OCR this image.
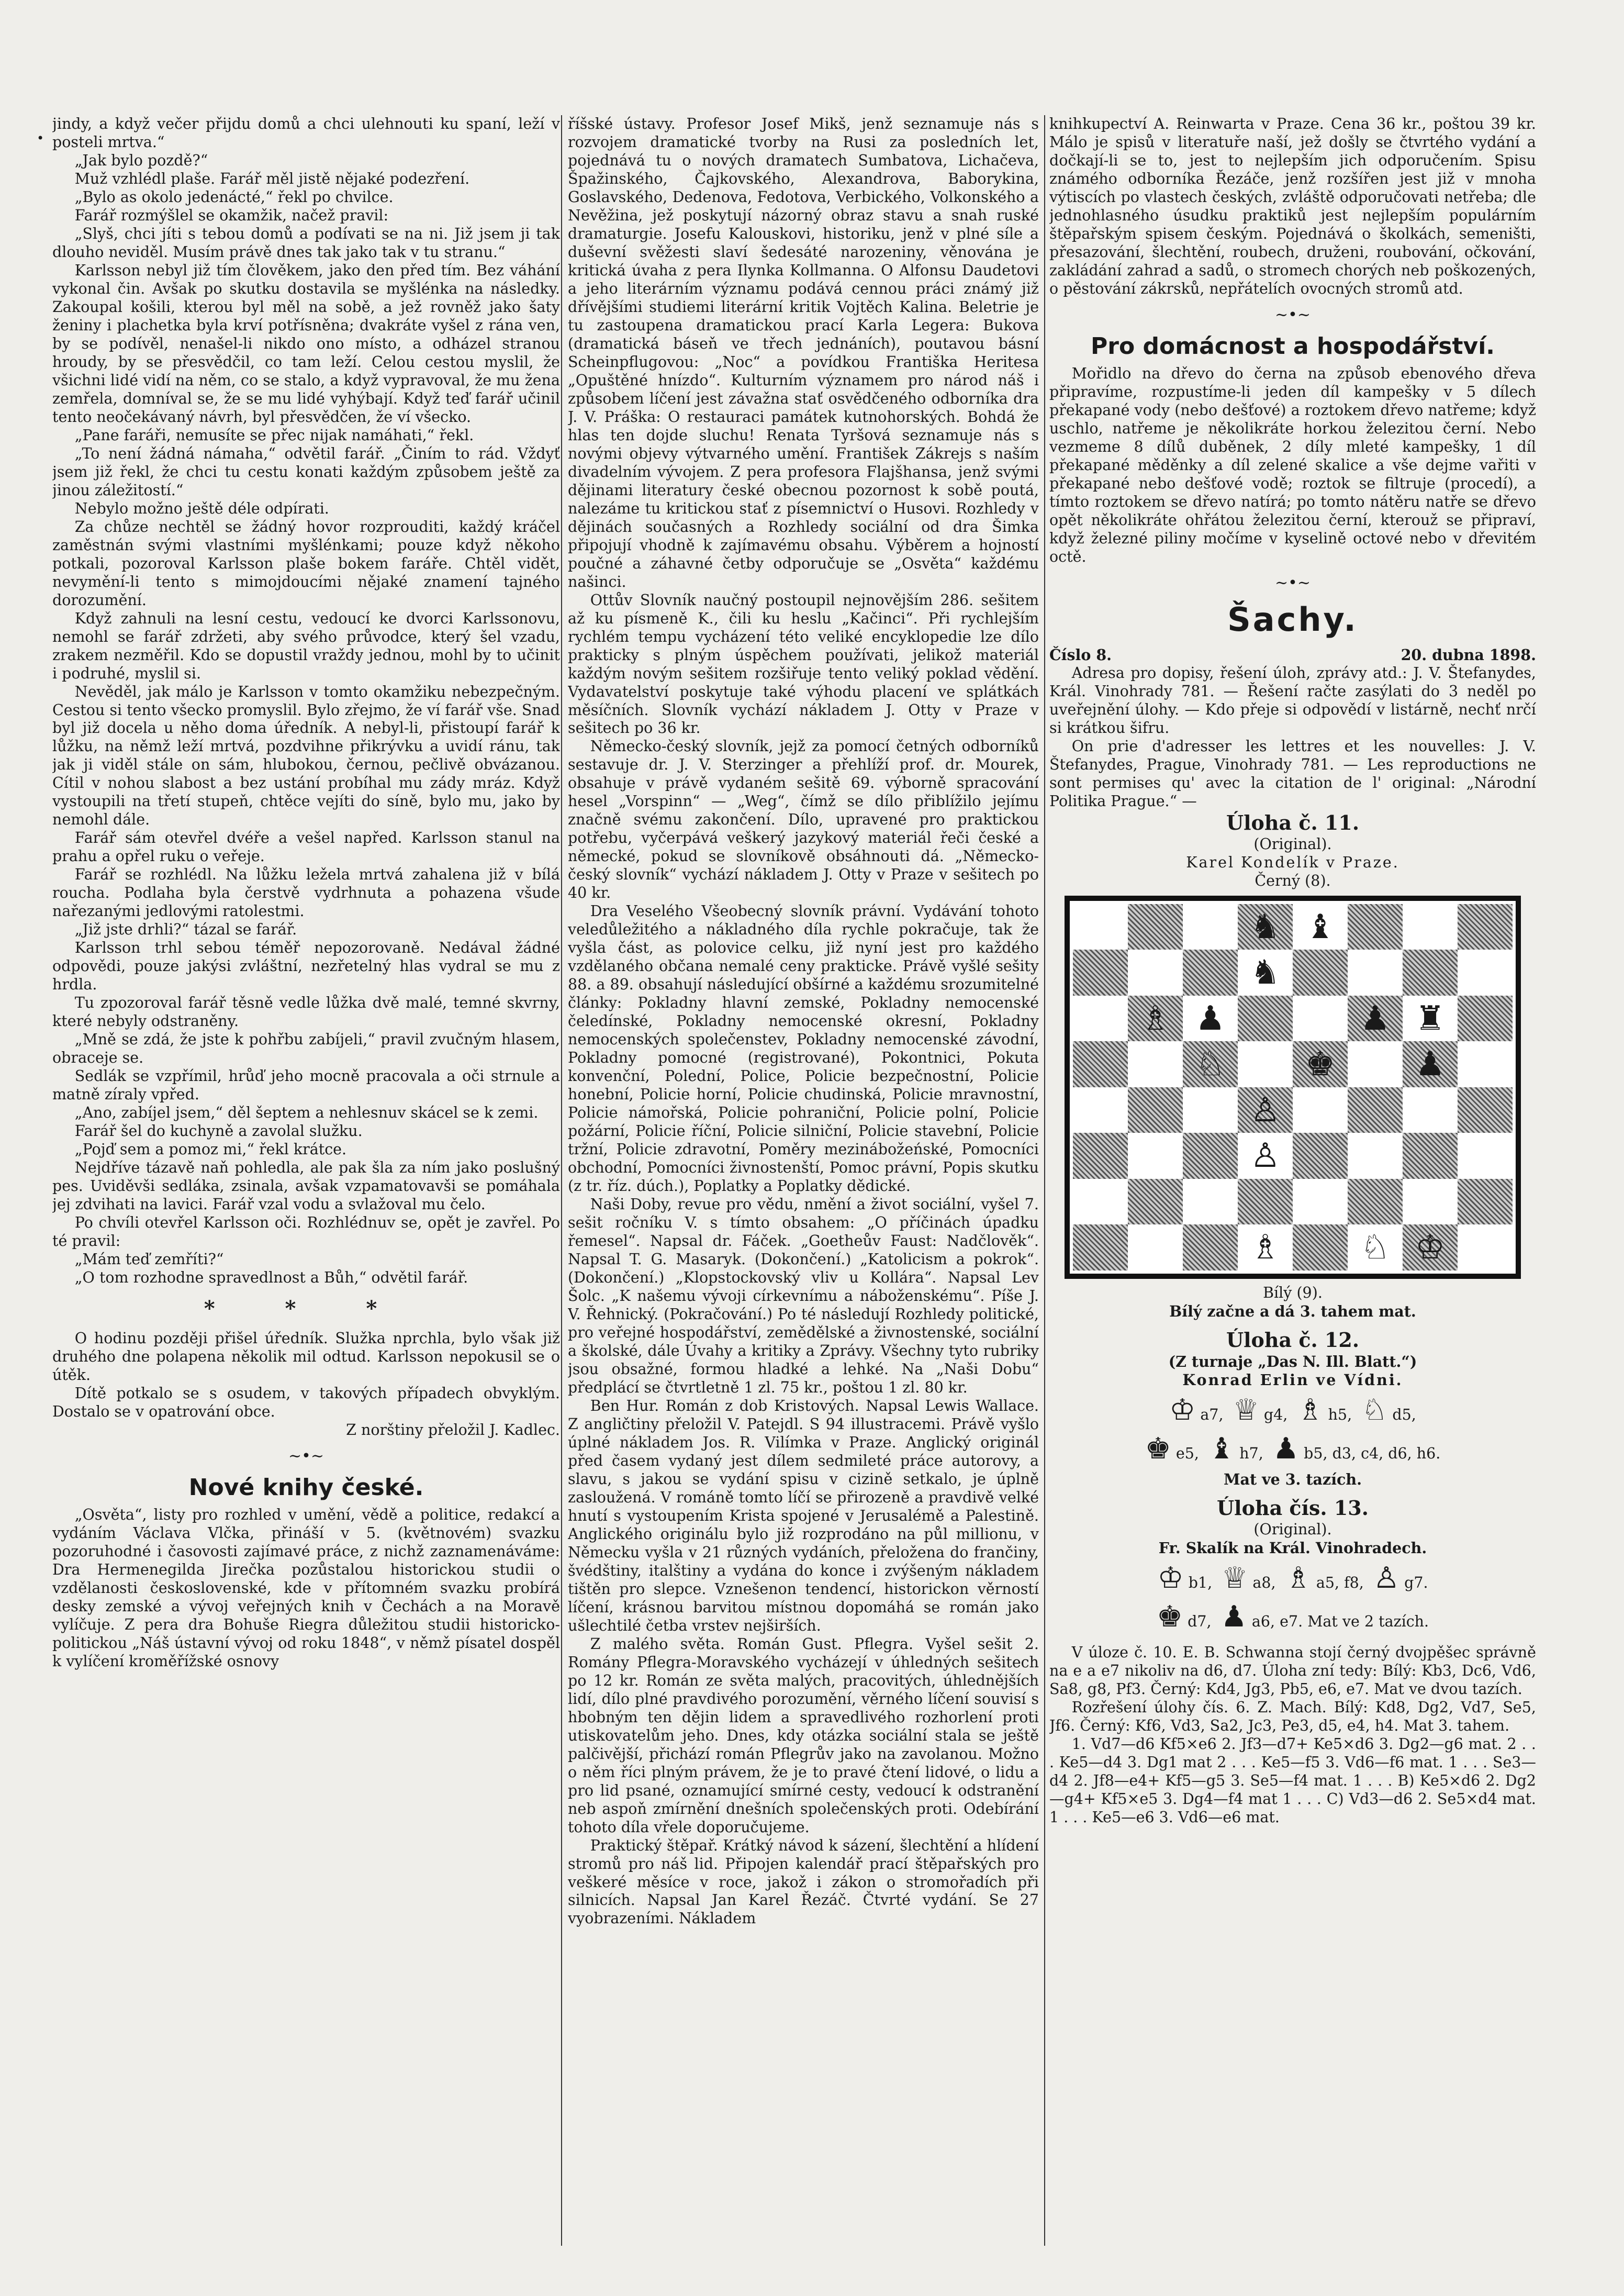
•

jindy, a když večer přijdu domů a chci ulehnouti ku spaní, leží v posteli mrtva.“

„Jak bylo pozdě?“

Muž vzhlédl plaše. Farář měl jistě nějaké podezření.

„Bylo as okolo jedenácté,“ řekl po chvilce.

Farář rozmýšlel se okamžik, načež pravil:

„Slyš, chci jíti s tebou domů a podívati se na ni. Již jsem ji tak dlouho neviděl. Musím právě dnes tak jako tak v tu stranu.“

Karlsson nebyl již tím člověkem, jako den před tím. Bez váhání vykonal čin. Avšak po skutku dostavila se myšlénka na následky. Zakoupal košili, kterou byl měl na sobě, a jež rovněž jako šaty ženiny i plachetka byla krví potřísněna; dvakráte vyšel z rána ven, by se podívěl, nenašel-li nikdo ono místo, a odházel stranou hroudy, by se přesvědčil, co tam leží. Celou cestou myslil, že všichni lidé vidí na něm, co se stalo, a když vypravoval, že mu žena zemřela, domníval se, že se mu lidé vyhýbají. Když teď farář učinil tento neočekávaný návrh, byl přesvědčen, že ví všecko.

„Pane faráři, nemusíte se přec nijak namáhati,“ řekl.

„To není žádná námaha,“ odvětil farář. „Činím to rád. Vždyť jsem již řekl, že chci tu cestu konati každým způsobem ještě za jinou záležitostí.“

Nebylo možno ještě déle odpírati.

Za chůze nechtěl se žádný hovor rozprouditi, každý kráčel zaměstnán svými vlastními myšlénkami; pouze když někoho potkali, pozoroval Karlsson plaše bokem faráře. Chtěl vidět, nevymění-li tento s mimojdoucími nějaké znamení tajného dorozumění.

Když zahnuli na lesní cestu, vedoucí ke dvorci Karlssonovu, nemohl se farář zdržeti, aby svého průvodce, který šel vzadu, zrakem nezměřil. Kdo se dopustil vraždy jednou, mohl by to učinit i podruhé, myslil si.

Nevěděl, jak málo je Karlsson v tomto okamžiku nebezpečným. Cestou si tento všecko promyslil. Bylo zřejmo, že ví farář vše. Snad byl již docela u něho doma úředník. A nebyl-li, přistoupí farář k lůžku, na němž leží mrtvá, pozdvihne přikrývku a uvidí ránu, tak jak ji viděl stále on sám, hlubokou, černou, pečlivě obvázanou. Cítil v nohou slabost a bez ustání probíhal mu zády mráz. Když vystoupili na třetí stupeň, chtěce vejíti do síně, bylo mu, jako by nemohl dále.

Farář sám otevřel dvéře a vešel napřed. Karlsson stanul na prahu a opřel ruku o veřeje.

Farář se rozhlédl. Na lůžku ležela mrtvá zahalena již v bílá roucha. Podlaha byla čerstvě vydrhnuta a pohazena všude nařezanými jedlovými ratolestmi.

„Již jste drhli?“ tázal se farář.

Karlsson trhl sebou téměř nepozorovaně. Nedával žádné odpovědi, pouze jakýsi zvláštní, nezřetelný hlas vydral se mu z hrdla.

Tu zpozoroval farář těsně vedle lůžka dvě malé, temné skvrny, které nebyly odstraněny.

„Mně se zdá, že jste k pohřbu zabíjeli,“ pravil zvučným hlasem, obraceje se.

Sedlák se vzpřímil, hrůď jeho mocně pracovala a oči strnule a matně zíraly vpřed.

„Ano, zabíjel jsem,“ děl šeptem a nehlesnuv skácel se k zemi.

Farář šel do kuchyně a zavolal služku.

„Pojď sem a pomoz mi,“ řekl krátce.

Nejdříve tázavě naň pohledla, ale pak šla za ním jako poslušný pes. Uviděvši sedláka, zsinala, avšak vzpamatovavši se pomáhala jej zdvihati na lavici. Farář vzal vodu a svlažoval mu čelo.

Po chvíli otevřel Karlsson oči. Rozhlédnuv se, opět je zavřel. Po té pravil:

„Mám teď zemříti?“

„O tom rozhodne spravedlnost a Bůh,“ odvětil farář.

* * *

O hodinu později přišel úředník. Služka nprchla, bylo však již druhého dne polapena několik mil odtud. Karlsson nepokusil se o útěk.

Dítě potkalo se s osudem, v takových případech obvyklým. Dostalo se v opatrování obce.

Z norštiny přeložil J. Kadlec.

~•~
Nové knihy české.

„Osvěta“, listy pro rozhled v umění, vědě a politice, redakcí a vydáním Václava Vlčka, přináší v 5. (květnovém) svazku pozoruhodné i časovosti zajímavé práce, z nichž zaznamenáváme: Dra Hermenegilda Jirečka pozůstalou historickou studii o vzdělanosti československé, kde v přítomném svazku probírá desky zemské a vývoj veřejných knih v Čechách a na Moravě vylíčuje. Z pera dra Bohuše Riegra důležitou studii historicko-politickou „Náš ústavní vývoj od roku 1848“, v němž písatel dospěl k vylíčení kroměřížské osnovy

říšské ústavy. Profesor Josef Mikš, jenž seznamuje nás s rozvojem dramatické tvorby na Rusi za posledních let, pojednává tu o nových dramatech Sumbatova, Lichačeva, Špažinského, Čajkovského, Alexandrova, Baborykina, Goslavského, Dedenova, Fedotova, Verbického, Volkonského a Nevěžina, jež poskytují názorný obraz stavu a snah ruské dramaturgie. Josefu Kalouskovi, historiku, jenž v plné síle a duševní svěžesti slaví šedesáté narozeniny, věnována je kritická úvaha z pera Ilynka Kollmanna. O Alfonsu Daudetovi a jeho literárním významu podává cennou práci známý již dřívějšími studiemi literární kritik Vojtěch Kalina. Beletrie je tu zastoupena dramatickou prací Karla Legera: Bukova (dramatická báseň ve třech jednáních), poutavou básní Scheinpflugovou: „Noc“ a povídkou Františka Heritesa „Opuštěné hnízdo“. Kulturním významem pro národ náš i způsobem líčení jest závažna stať osvědčeného odborníka dra J. V. Práška: O restauraci památek kutnohorských. Bohdá že hlas ten dojde sluchu! Renata Tyršová seznamuje nás s novými objevy výtvarného umění. František Zákrejs s naším divadelním vývojem. Z pera profesora Flajšhansa, jenž svými dějinami literatury české obecnou pozornost k sobě poutá, nalezáme tu kritickou stať z písemnictví o Husovi. Rozhledy v dějinách současných a Rozhledy sociální od dra Šimka připojují vhodně k zajímavému obsahu. Výběrem a hojností poučné a záhavné četby odporučuje se „Osvěta“ každému našinci.

Ottův Slovník naučný postoupil nejnovějším 286. sešitem až ku písmeně K., čili ku heslu „Kačinci“. Při rychlejším rychlém tempu vycházení této veliké encyklopedie lze dílo prakticky s plným úspěchem používati, jelikož materiál každým novým sešitem rozšiřuje tento veliký poklad vědění. Vydavatelství poskytuje také výhodu placení ve splátkách měsíčních. Slovník vychází nákladem J. Otty v Praze v sešitech po 36 kr.

Německo-český slovník, jejž za pomocí četných odborníků sestavuje dr. J. V. Sterzinger a přehlíží prof. dr. Mourek, obsahuje v právě vydaném sešitě 69. výborně spracování hesel „Vorspinn“ — „Weg“, čímž se dílo přiblížilo jejímu značně svému zakončení. Dílo, upravené pro praktickou potřebu, vyčerpává veškerý jazykový materiál řeči české a německé, pokud se slovníkově obsáhnouti dá. „Německo-český slovník“ vychází nákladem J. Otty v Praze v sešitech po 40 kr.

Dra Veselého Všeobecný slovník právní. Vydávání tohoto veledůležitého a nákladného díla rychle pokračuje, tak že vyšla část, as polovice celku, již nyní jest pro každého vzdělaného občana nemalé ceny prakticke. Právě vyšlé sešity 88. a 89. obsahují následující obšírné a každému srozumitelné články: Pokladny hlavní zemské, Pokladny nemocenské čeledínské, Pokladny nemocenské okresní, Pokladny nemocenských společenstev, Pokladny nemocenské závodní, Pokladny pomocné (registrované), Pokontnici, Pokuta konvenční, Polední, Police, Policie bezpečnostní, Policie honební, Policie horní, Policie chudinská, Policie mravnostní, Policie námořská, Policie pohraniční, Policie polní, Policie požární, Policie říční, Policie silniční, Policie stavební, Policie tržní, Policie zdravotní, Poměry mezinábožeńské, Pomocníci obchodní, Pomocníci živnostenští, Pomoc právní, Popis skutku (z tr. říz. dúch.), Poplatky a Poplatky dědické.

Naši Doby, revue pro vědu, nmění a život sociální, vyšel 7. sešit ročníku V. s tímto obsahem: „O příčinách úpadku řemesel“. Napsal dr. Fáček. „Goetheův Faust: Nadčlověk“. Napsal T. G. Masaryk. (Dokončení.) „Katolicism a pokrok“. (Dokončení.) „Klopstockovský vliv u Kollára“. Napsal Lev Šolc. „K našemu vývoji církevnímu a náboženskému“. Píše J. V. Řehnický. (Pokračování.) Po té následují Rozhledy politické, pro veřejné hospodářství, zemědělské a živnostenské, sociální a školské, dále Úvahy a kritiky a Zprávy. Všechny tyto rubriky jsou obsažné, formou hladké a lehké. Na „Naši Dobu“ předplácí se čtvrtletně 1 zl. 75 kr., poštou 1 zl. 80 kr.

Ben Hur. Román z dob Kristových. Napsal Lewis Wallace. Z angličtiny přeložil V. Patejdl. S 94 illustracemi. Právě vyšlo úplné nákladem Jos. R. Vilímka v Praze. Anglický originál před časem vydaný jest dílem sedmileté práce autorovy, a slavu, s jakou se vydání spisu v cizině setkalo, je úplně zasloužená. V románě tomto líčí se přirozeně a pravdivě velké hnutí s vystoupením Krista spojené v Jerusalémě a Palestině. Anglického originálu bylo již rozprodáno na půl millionu, v Německu vyšla v 21 různých vydáních, přeložena do frančiny, švédštiny, italštiny a vydána do konce i zvýšeným nákladem tištěn pro slepce. Vznešenon tendencí, historickon věrností líčení, krásnou barvitou místnou dopomáhá se román jako ušlechtilé četba vrstev nejširších.

Z malého světa. Román Gust. Pflegra. Vyšel sešit 2. Romány Pflegra-Moravského vycházejí v úhledných sešitech po 12 kr. Román ze světa malých, pracovitých, úhlednějších lidí, dílo plné pravdivého porozumění, věrného líčení souvisí s hbobným ten dějin lidem a spravedlivého rozhorlení proti utiskovatelům jeho. Dnes, kdy otázka sociální stala se ještě palčivější, přichází román Pflegrův jako na zavolanou. Možno o něm říci plným právem, že je to pravé čtení lidové, o lidu a pro lid psané, oznamující smírné cesty, vedoucí k odstranění neb aspoň zmírnění dnešních společenských proti. Odebírání tohoto díla vřele doporučujeme.

Praktický štěpař. Krátký návod k sázení, šlechtění a hlídení stromů pro náš lid. Připojen kalendář prací štěpařských pro veškeré měsíce v roce, jakož i zákon o stromořadích při silnicích. Napsal Jan Karel Řezáč. Čtvrté vydání. Se 27 vyobrazeními. Nákladem

knihkupectví A. Reinwarta v Praze. Cena 36 kr., poštou 39 kr. Málo je spisů v literatuře naší, jež došly se čtvrtého vydání a dočkají-li se to, jest to nejlepším jich odporučením. Spisu známého odborníka Řezáče, jenž rozšířen jest již v mnoha výtiscích po vlastech českých, zvláště odporučovati netřeba; dle jednohlasného úsudku praktiků jest nejlepším populárním štěpařským spisem českým. Pojednává o školkách, semeništi, přesazování, šlechtění, roubech, druženi, roubování, očkování, zakládání zahrad a sadů, o stromech chorých neb poškozených, o pěstování zákrsků, nepřátelích ovocných stromů atd.

~•~
Pro domácnost a hospodářství.

Mořidlo na dřevo do černa na způsob ebenového dřeva připravíme, rozpustíme-li jeden díl kampešky v 5 dílech překapané vody (nebo dešťové) a roztokem dřevo natřeme; když uschlo, natřeme je několikráte horkou železitou černí. Nebo vezmeme 8 dílů duběnek, 2 díly mleté kampešky, 1 díl překapané měděnky a díl zelené skalice a vše dejme vařiti v překapané nebo dešťové vodě; roztok se filtruje (procedí), a tímto roztokem se dřevo natírá; po tomto nátěru natře se dřevo opět několikráte ohřátou železitou černí, kterouž se připraví, když železné piliny močíme v kyselině octové nebo v dřevitém octě.

~•~
Šachy.
Číslo 8.	20. dubna 1898.

Adresa pro dopisy, řešení úloh, zprávy atd.: J. V. Štefanydes, Král. Vinohrady 781. — Řešení račte zasýlati do 3 neděl po uveřejnění úlohy. — Kdo přeje si odpovědí v listárně, nechť nrčí si krátkou šifru.

On prie d'adresser les lettres et les nouvelles: J. V. Štefanydes, Prague, Vinohrady 781. — Les reproductions ne sont permises qu' avec la citation de l' original: „Národní Politika Prague.“ —

Úloha č. 11.

(Original).

Karel Kondelík v Praze.

Černý (8).

♞ ♝
♞
♗ ♟	♟ ♜
♘	♚	♟
♙
♙
♗	♘ ♔

Bílý (9).

Bílý začne a dá 3. tahem mat.

Úloha č. 12.

(Z turnaje „Das N. Ill. Blatt.“)

Konrad Erlin ve Vídni.

♔ a7, ♕ g4, ♗ h5, ♘ d5,
♚ e5, ♝ h7, ♟ b5, d3, c4, d6, h6.

Mat ve 3. tazích.

Úloha čís. 13.

(Original).

Fr. Skalík na Král. Vinohradech.

♔ b1, ♕ a8, ♗ a5, f8, ♙ g7.
♚ d7, ♟ a6, e7. Mat ve 2 tazích.

V úloze č. 10. E. B. Schwanna stojí černý dvojpěšec správně na e a e7 nikoliv na d6, d7. Úloha zní tedy: Bílý: Kb3, Dc6, Vd6, Sa8, g8, Pf3. Černý: Kd4, Jg3, Pb5, e6, e7. Mat ve dvou tazích.

Rozřešení úlohy čís. 6. Z. Mach. Bílý: Kd8, Dg2, Vd7, Se5, Jf6. Černý: Kf6, Vd3, Sa2, Jc3, Pe3, d5, e4, h4. Mat 3. tahem.

1. Vd7—d6 Kf5×e6 2. Jf3—d7+ Ke5×d6 3. Dg2—g6 mat. 2 . . . Ke5—d4 3. Dg1 mat 2 . . . Ke5—f5 3. Vd6—f6 mat. 1 . . . Se3—d4 2. Jf8—e4+ Kf5—g5 3. Se5—f4 mat. 1 . . . B) Ke5×d6 2. Dg2—g4+ Kf5×e5 3. Dg4—f4 mat 1 . . . C) Vd3—d6 2. Se5×d4 mat. 1 . . . Ke5—e6 3. Vd6—e6 mat.
